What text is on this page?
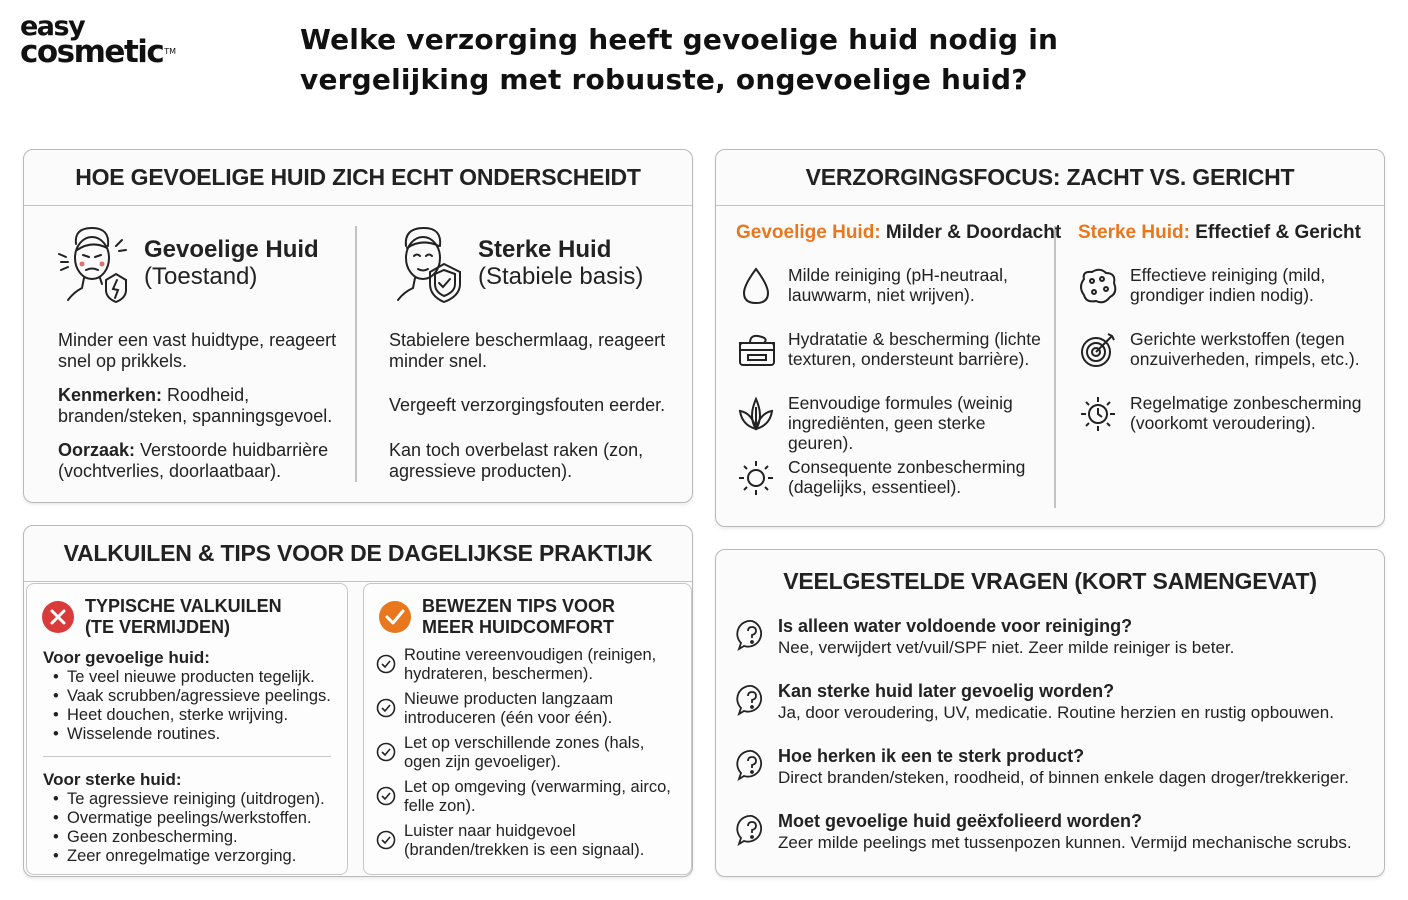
easy
cosmetic™	Welke verzorging heeft gevoelige huid nodig in vergelijking met robuuste, ongevoelige huid?
HOE GEVOELIGE HUID ZICH ECHT ONDERSCHEIDT
Gevoelige Huid
(Toestand)
Minder een vast huidtype, reageert snel op prikkels.
Kenmerken: Roodheid, branden/steken, spanningsgevoel.
Oorzaak: Verstoorde huidbarrière (vochtverlies, doorlaatbaar).
Sterke Huid
(Stabiele basis)
Stabielere beschermlaag, reageert minder snel.
Vergeeft verzorgingsfouten eerder.
Kan toch overbelast raken (zon, agressieve producten).
VERZORGINGSFOCUS: ZACHT VS. GERICHT
Gevoelige Huid: Milder & Doordacht Sterke Huid: Effectief & Gericht
Milde reiniging (pH-neutraal, lauwwarm, niet wrijven).
Hydratatie & bescherming (lichte texturen, ondersteunt barrière).
Eenvoudige formules (weinig ingrediënten, geen sterke geuren).
Consequente zonbescherming (dagelijks, essentieel).
Effectieve reiniging (mild, grondiger indien nodig).
Gerichte werkstoffen (tegen onzuiverheden, rimpels, etc.).
Regelmatige zonbescherming (voorkomt veroudering).
VALKUILEN & TIPS VOOR DE DAGELIJKSE PRAKTIJK
TYPISCHE VALKUILEN (TE VERMIJDEN)
Voor gevoelige huid:
• Te veel nieuwe producten tegelijk.
• Vaak scrubben/agressieve peelings.
• Heet douchen, sterke wrijving.
• Wisselende routines.
Voor sterke huid:
• Te agressieve reiniging (uitdrogen).
• Overmatige peelings/werkstoffen.
• Geen zonbescherming.
• Zeer onregelmatige verzorging.
BEWEZEN TIPS VOOR MEER HUIDCOMFORT
Routine vereenvoudigen (reinigen, hydrateren, beschermen).
Nieuwe producten langzaam introduceren (één voor één).
Let op verschillende zones (hals, ogen zijn gevoeliger).
Let op omgeving (verwarming, airco, felle zon).
Luister naar huidgevoel (branden/trekken is een signaal).
VEELGESTELDE VRAGEN (KORT SAMENGEVAT)
Is alleen water voldoende voor reiniging?
Nee, verwijdert vet/vuil/SPF niet. Zeer milde reiniger is beter.
Kan sterke huid later gevoelig worden?
Ja, door veroudering, UV, medicatie. Routine herzien en rustig opbouwen.
Hoe herken ik een te sterk product?
Direct branden/steken, roodheid, of binnen enkele dagen droger/trekkeriger.
Moet gevoelige huid geëxfolieerd worden?
Zeer milde peelings met tussenpozen kunnen. Vermijd mechanische scrubs.
